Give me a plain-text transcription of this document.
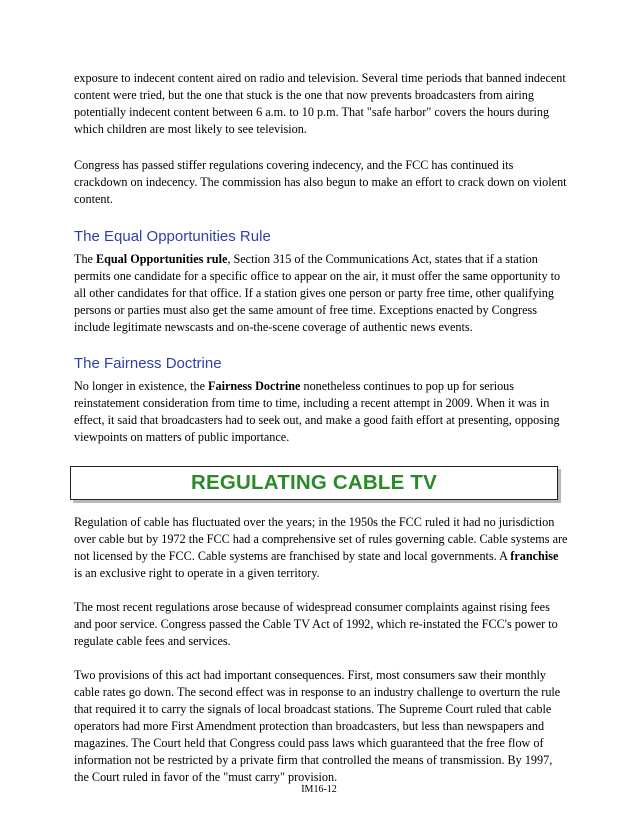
exposure to indecent content aired on radio and television. Several time periods that banned indecent content were tried, but the one that stuck is the one that now prevents broadcasters from airing potentially indecent content between 6 a.m. to 10 p.m. That "safe harbor" covers the hours during which children are most likely to see television.

Congress has passed stiffer regulations covering indecency, and the FCC has continued its crackdown on indecency. The commission has also begun to make an effort to crack down on violent content.

The Equal Opportunities Rule

The Equal Opportunities rule, Section 315 of the Communications Act, states that if a station permits one candidate for a specific office to appear on the air, it must offer the same opportunity to all other candidates for that office. If a station gives one person or party free time, other qualifying persons or parties must also get the same amount of free time. Exceptions enacted by Congress include legitimate newscasts and on-the-scene coverage of authentic news events.

The Fairness Doctrine

No longer in existence, the Fairness Doctrine nonetheless continues to pop up for serious reinstatement consideration from time to time, including a recent attempt in 2009. When it was in effect, it said that broadcasters had to seek out, and make a good faith effort at presenting, opposing viewpoints on matters of public importance.

REGULATING CABLE TV

Regulation of cable has fluctuated over the years; in the 1950s the FCC ruled it had no jurisdiction over cable but by 1972 the FCC had a comprehensive set of rules governing cable. Cable systems are not licensed by the FCC. Cable systems are franchised by state and local governments. A franchise is an exclusive right to operate in a given territory.

The most recent regulations arose because of widespread consumer complaints against rising fees and poor service. Congress passed the Cable TV Act of 1992, which re-instated the FCC's power to regulate cable fees and services.

Two provisions of this act had important consequences. First, most consumers saw their monthly cable rates go down. The second effect was in response to an industry challenge to overturn the rule that required it to carry the signals of local broadcast stations. The Supreme Court ruled that cable operators had more First Amendment protection than broadcasters, but less than newspapers and magazines. The Court held that Congress could pass laws which guaranteed that the free flow of information not be restricted by a private firm that controlled the means of transmission. By 1997, the Court ruled in favor of the "must carry" provision.

IM16-12
